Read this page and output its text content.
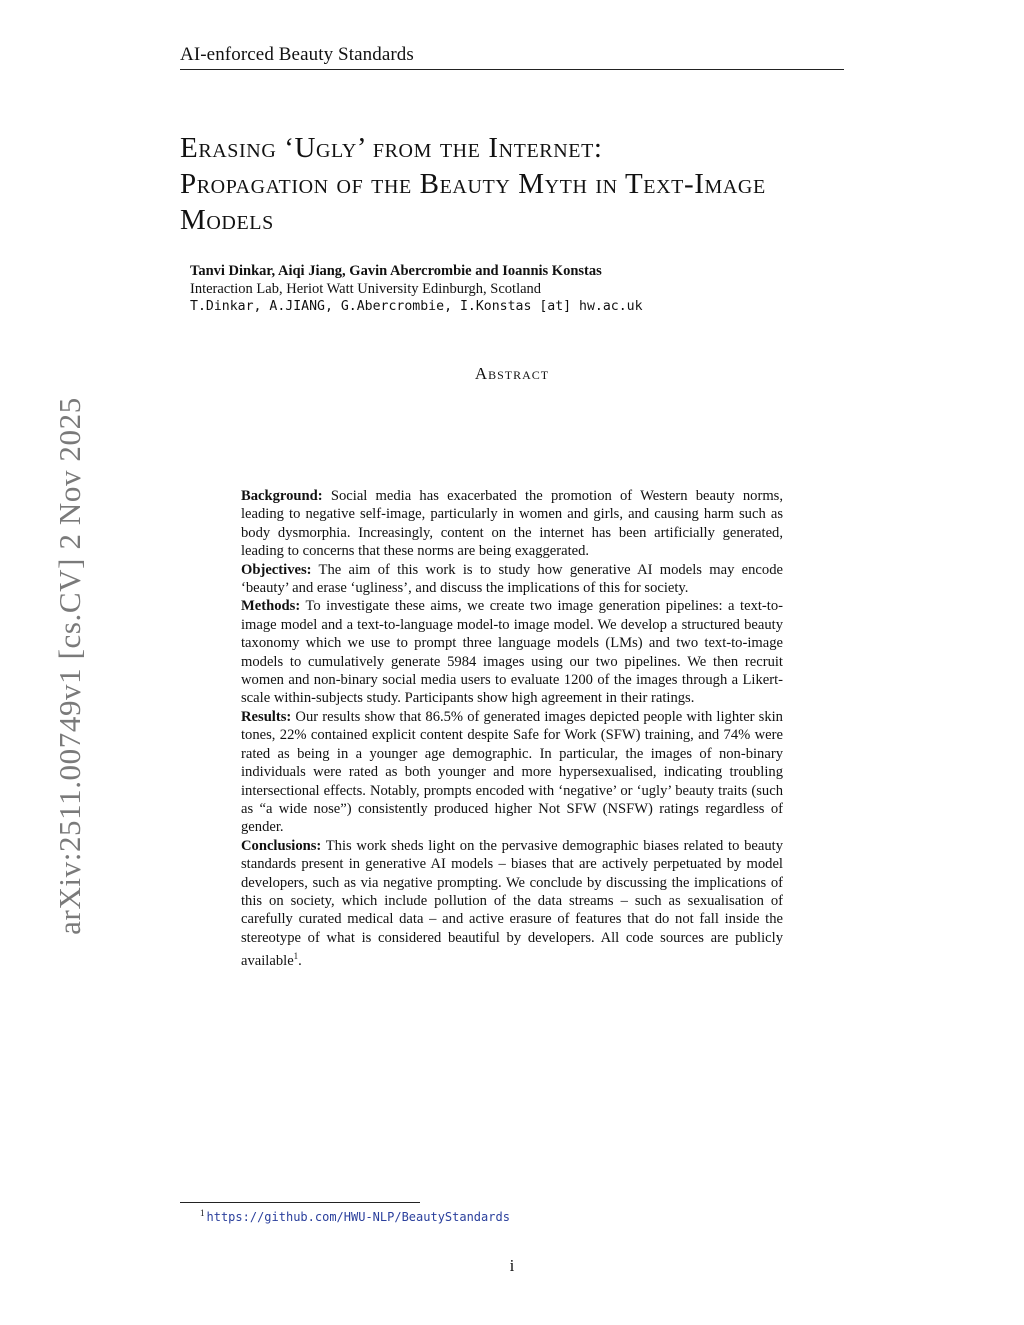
AI-enforced Beauty Standards
Erasing ‘Ugly’ from the Internet:
Propagation of the Beauty Myth in Text-Image
Models
Tanvi Dinkar, Aiqi Jiang, Gavin Abercrombie and Ioannis Konstas
Interaction Lab, Heriot Watt University Edinburgh, Scotland
T.Dinkar, A.JIANG, G.Abercrombie, I.Konstas [at] hw.ac.uk
Abstract

Background: Social media has exacerbated the promotion of Western beauty norms, leading to negative self-image, particularly in women and girls, and causing harm such as body dysmorphia. Increasingly, content on the internet has been artificially generated, leading to concerns that these norms are being exaggerated.

Objectives: The aim of this work is to study how generative AI models may encode ‘beauty’ and erase ‘ugliness’, and discuss the implications of this for society.

Methods: To investigate these aims, we create two image generation pipelines: a text-to-image model and a text-to-language model-to image model. We develop a structured beauty taxonomy which we use to prompt three language models (LMs) and two text-to-image models to cumulatively generate 5984 images using our two pipelines. We then recruit women and non-binary social media users to evaluate 1200 of the images through a Likert-scale within-subjects study. Participants show high agreement in their ratings.

Results: Our results show that 86.5% of generated images depicted people with lighter skin tones, 22% contained explicit content despite Safe for Work (SFW) training, and 74% were rated as being in a younger age demographic. In particular, the images of non-binary individuals were rated as both younger and more hypersexualised, indicating troubling intersectional effects. Notably, prompts encoded with ‘negative’ or ‘ugly’ beauty traits (such as “a wide nose”) consistently produced higher Not SFW (NSFW) ratings regardless of gender.

Conclusions: This work sheds light on the pervasive demographic biases related to beauty standards present in generative AI models – biases that are actively perpetuated by model developers, such as via negative prompting. We conclude by discussing the implications of this on society, which include pollution of the data streams – such as sexualisation of carefully curated medical data – and active erasure of features that do not fall inside the stereotype of what is considered beautiful by developers. All code sources are publicly available$^1$.

arXiv:2511.00749v1 [cs.CV] 2 Nov 2025
$^1$ https://github.com/HWU-NLP/BeautyStandards
i
